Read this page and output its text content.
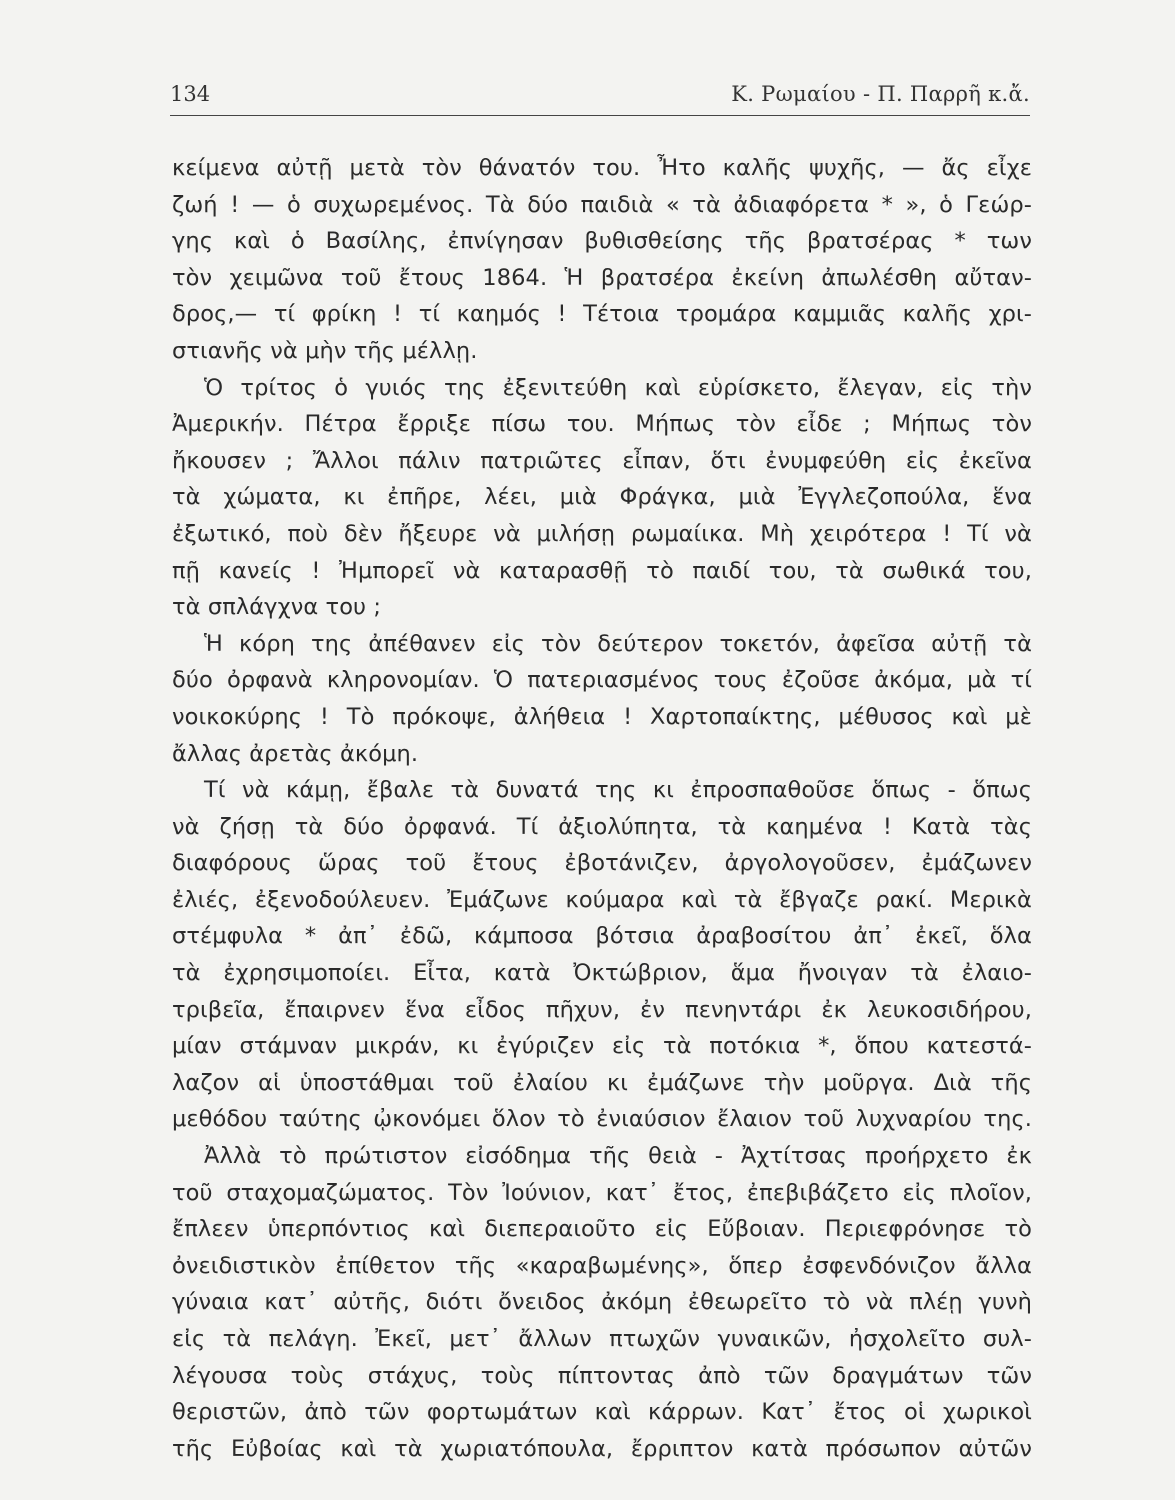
134	Κ. Ρωμαίου - Π. Παρρῆ κ.ἄ.
κείμενα αὐτῇ μετὰ τὸν θάνατόν του. Ἦτο καλῆς ψυχῆς, — ἄς εἶχε
ζωή ! — ὁ συχωρεμένος. Τὰ δύο παιδιὰ « τὰ ἀδιαφόρετα * », ὁ Γεώρ-
γης καὶ ὁ Βασίλης, ἐπνίγησαν βυθισθείσης τῆς βρατσέρας * των
τὸν χειμῶνα τοῦ ἔτους 1864. Ἡ βρατσέρα ἐκείνη ἀπωλέσθη αὔταν-
δρος,— τί φρίκη ! τί καημός ! Τέτοια τρομάρα καμμιᾶς καλῆς χρι-
στιανῆς νὰ μὴν τῆς μέλλῃ.
Ὁ τρίτος ὁ γυιός της ἐξενιτεύθη καὶ εὑρίσκετο, ἔλεγαν, εἰς τὴν
Ἀμερικήν. Πέτρα ἔρριξε πίσω του. Μήπως τὸν εἶδε ; Μήπως τὸν
ἤκουσεν ; Ἄλλοι πάλιν πατριῶτες εἶπαν, ὅτι ἐνυμφεύθη εἰς ἐκεῖνα
τὰ χώματα, κι ἐπῆρε, λέει, μιὰ Φράγκα, μιὰ Ἐγγλεζοπούλα, ἕνα
ἐξωτικό, ποὺ δὲν ἤξευρε νὰ μιλήσῃ ρωμαίικα. Μὴ χειρότερα ! Τί νὰ
πῇ κανείς ! Ἠμπορεῖ νὰ καταρασθῇ τὸ παιδί του, τὰ σωθικά του,
τὰ σπλάγχνα του ;
Ἡ κόρη της ἀπέθανεν εἰς τὸν δεύτερον τοκετόν, ἀφεῖσα αὐτῇ τὰ
δύο ὀρφανὰ κληρονομίαν. Ὁ πατεριασμένος τους ἐζοῦσε ἀκόμα, μὰ τί
νοικοκύρης ! Τὸ πρόκοψε, ἀλήθεια ! Χαρτοπαίκτης, μέθυσος καὶ μὲ
ἄλλας ἀρετὰς ἀκόμη.
Τί νὰ κάμῃ, ἔβαλε τὰ δυνατά της κι ἐπροσπαθοῦσε ὅπως - ὅπως
νὰ ζήσῃ τὰ δύο ὀρφανά. Τί ἀξιολύπητα, τὰ καημένα ! Κατὰ τὰς
διαφόρους ὥρας τοῦ ἔτους ἐβοτάνιζεν, ἀργολογοῦσεν, ἐμάζωνεν
ἐλιές, ἐξενοδούλευεν. Ἐμάζωνε κούμαρα καὶ τὰ ἔβγαζε ρακί. Μερικὰ
στέμφυλα * ἀπ᾿ ἐδῶ, κάμποσα βότσια ἀραβοσίτου ἀπ᾿ ἐκεῖ, ὅλα
τὰ ἐχρησιμοποίει. Εἶτα, κατὰ Ὀκτώβριον, ἅμα ἤνοιγαν τὰ ἐλαιο-
τριβεῖα, ἔπαιρνεν ἕνα εἶδος πῆχυν, ἐν πενηντάρι ἐκ λευκοσιδήρου,
μίαν στάμναν μικράν, κι ἐγύριζεν εἰς τὰ ποτόκια *, ὅπου κατεστά-
λαζον αἱ ὑποστάθμαι τοῦ ἐλαίου κι ἐμάζωνε τὴν μοῦργα. Διὰ τῆς
μεθόδου ταύτης ᾠκονόμει ὅλον τὸ ἐνιαύσιον ἔλαιον τοῦ λυχναρίου της.
Ἀλλὰ τὸ πρώτιστον εἰσόδημα τῆς θειὰ - Ἀχτίτσας προήρχετο ἐκ
τοῦ σταχομαζώματος. Τὸν Ἰούνιον, κατ᾿ ἔτος, ἐπεβιβάζετο εἰς πλοῖον,
ἔπλεεν ὑπερπόντιος καὶ διεπεραιοῦτο εἰς Εὔβοιαν. Περιεφρόνησε τὸ
ὀνειδιστικὸν ἐπίθετον τῆς «καραβωμένης», ὅπερ ἐσφενδόνιζον ἄλλα
γύναια κατ᾿ αὐτῆς, διότι ὄνειδος ἀκόμη ἐθεωρεῖτο τὸ νὰ πλέῃ γυνὴ
εἰς τὰ πελάγη. Ἐκεῖ, μετ᾿ ἄλλων πτωχῶν γυναικῶν, ἠσχολεῖτο συλ-
λέγουσα τοὺς στάχυς, τοὺς πίπτοντας ἀπὸ τῶν δραγμάτων τῶν
θεριστῶν, ἀπὸ τῶν φορτωμάτων καὶ κάρρων. Κατ᾿ ἔτος οἱ χωρικοὶ
τῆς Εὐβοίας καὶ τὰ χωριατόπουλα, ἔρριπτον κατὰ πρόσωπον αὐτῶν
